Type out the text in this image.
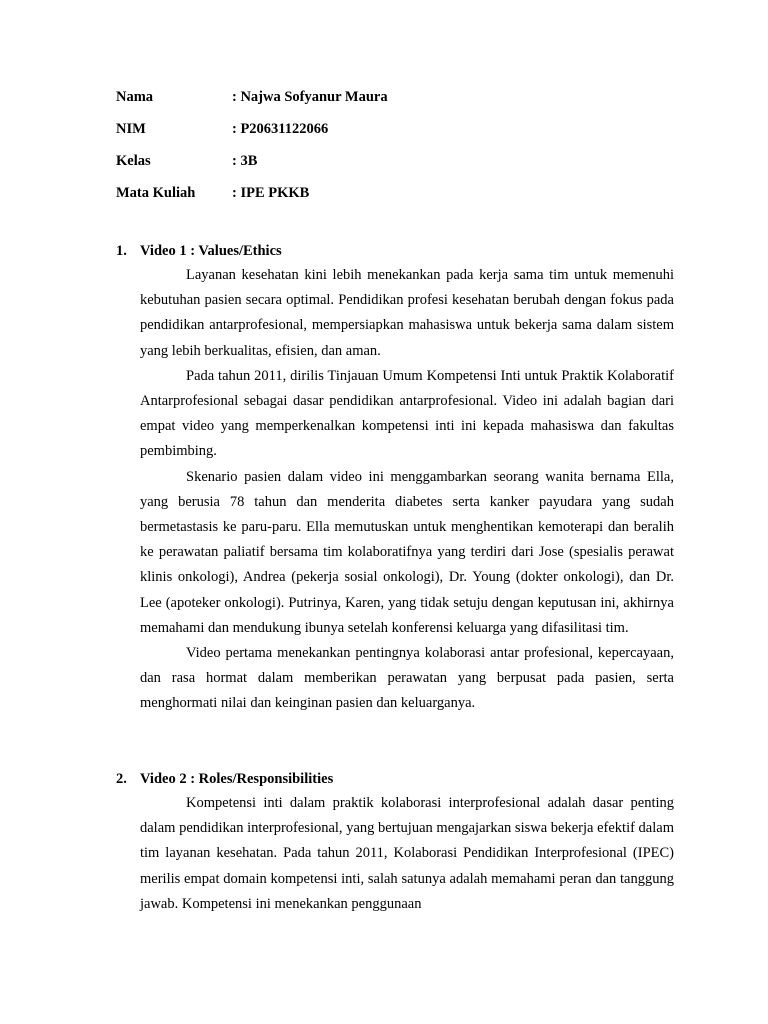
Nama	: Najwa Sofyanur Maura
NIM	: P20631122066
Kelas	: 3B
Mata Kuliah	: IPE PKKB
1. Video 1 : Values/Ethics

Layanan kesehatan kini lebih menekankan pada kerja sama tim untuk memenuhi kebutuhan pasien secara optimal. Pendidikan profesi kesehatan berubah dengan fokus pada pendidikan antarprofesional, mempersiapkan mahasiswa untuk bekerja sama dalam sistem yang lebih berkualitas, efisien, dan aman.

Pada tahun 2011, dirilis Tinjauan Umum Kompetensi Inti untuk Praktik Kolaboratif Antarprofesional sebagai dasar pendidikan antarprofesional. Video ini adalah bagian dari empat video yang memperkenalkan kompetensi inti ini kepada mahasiswa dan fakultas pembimbing.

Skenario pasien dalam video ini menggambarkan seorang wanita bernama Ella, yang berusia 78 tahun dan menderita diabetes serta kanker payudara yang sudah bermetastasis ke paru-paru. Ella memutuskan untuk menghentikan kemoterapi dan beralih ke perawatan paliatif bersama tim kolaboratifnya yang terdiri dari Jose (spesialis perawat klinis onkologi), Andrea (pekerja sosial onkologi), Dr. Young (dokter onkologi), dan Dr. Lee (apoteker onkologi). Putrinya, Karen, yang tidak setuju dengan keputusan ini, akhirnya memahami dan mendukung ibunya setelah konferensi keluarga yang difasilitasi tim.

Video pertama menekankan pentingnya kolaborasi antar profesional, kepercayaan, dan rasa hormat dalam memberikan perawatan yang berpusat pada pasien, serta menghormati nilai dan keinginan pasien dan keluarganya.

2. Video 2 : Roles/Responsibilities

Kompetensi inti dalam praktik kolaborasi interprofesional adalah dasar penting dalam pendidikan interprofesional, yang bertujuan mengajarkan siswa bekerja efektif dalam tim layanan kesehatan. Pada tahun 2011, Kolaborasi Pendidikan Interprofesional (IPEC) merilis empat domain kompetensi inti, salah satunya adalah memahami peran dan tanggung jawab. Kompetensi ini menekankan penggunaan
